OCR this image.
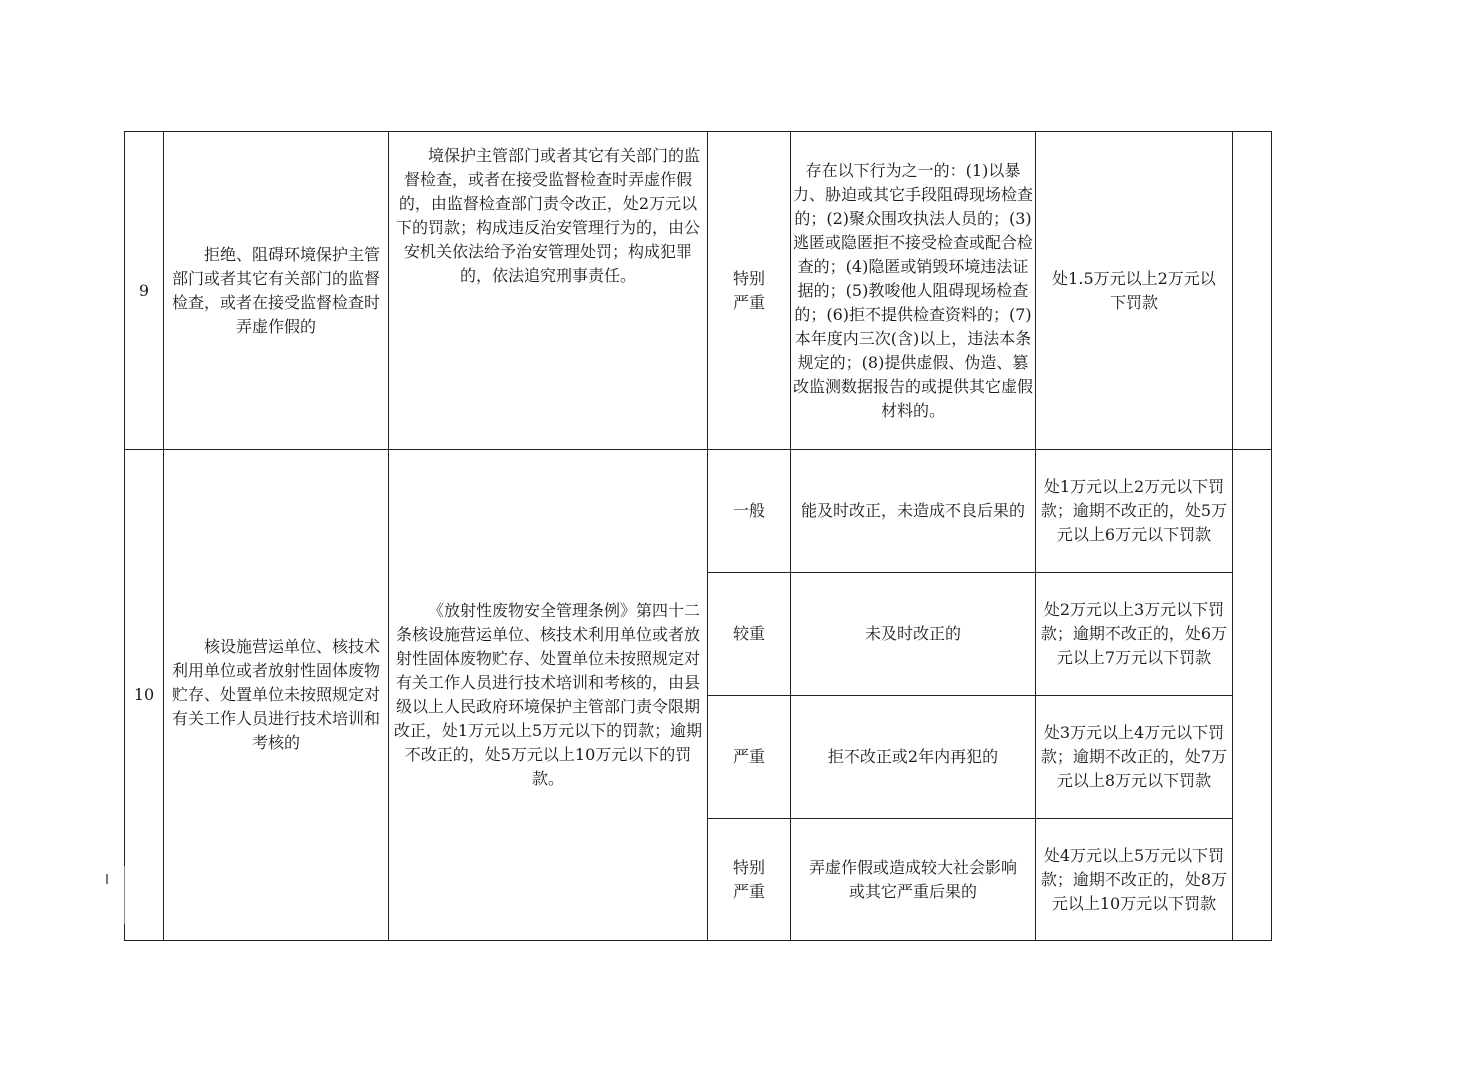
9	拒绝、阻碍环境保护主管部门或者其它有关部门的监督检查，或者在接受监督检查时弄虚作假的	境保护主管部门或者其它有关部门的监督检查，或者在接受监督检查时弄虚作假的，由监督检查部门责令改正，处2万元以下的罚款；构成违反治安管理行为的，由公安机关依法给予治安管理处罚；构成犯罪的，依法追究刑事责任。	特别严重	存在以下行为之一的：(1)以暴力、胁迫或其它手段阻碍现场检查的；(2)聚众围攻执法人员的；(3)逃匿或隐匿拒不接受检查或配合检查的；(4)隐匿或销毁环境违法证据的；(5)教唆他人阻碍现场检查的；(6)拒不提供检查资料的；(7)本年度内三次(含)以上，违法本条规定的；(8)提供虚假、伪造、篡改监测数据报告的或提供其它虚假材料的。	处1.5万元以上2万元以下罚款	

10	核设施营运单位、核技术利用单位或者放射性固体废物贮存、处置单位未按照规定对有关工作人员进行技术培训和考核的	《放射性废物安全管理条例》第四十二条核设施营运单位、核技术利用单位或者放射性固体废物贮存、处置单位未按照规定对有关工作人员进行技术培训和考核的，由县级以上人民政府环境保护主管部门责令限期改正，处1万元以上5万元以下的罚款；逾期不改正的，处5万元以上10万元以下的罚款。	一般	能及时改正，未造成不良后果的	处1万元以上2万元以下罚款；逾期不改正的，处5万元以上6万元以下罚款	

			较重	未及时改正的	处2万元以上3万元以下罚款；逾期不改正的，处6万元以上7万元以下罚款	

			严重	拒不改正或2年内再犯的	处3万元以上4万元以下罚款；逾期不改正的，处7万元以上8万元以下罚款	

			特别严重	弄虚作假或造成较大社会影响或其它严重后果的	处4万元以上5万元以下罚款；逾期不改正的，处8万元以上10万元以下罚款	
